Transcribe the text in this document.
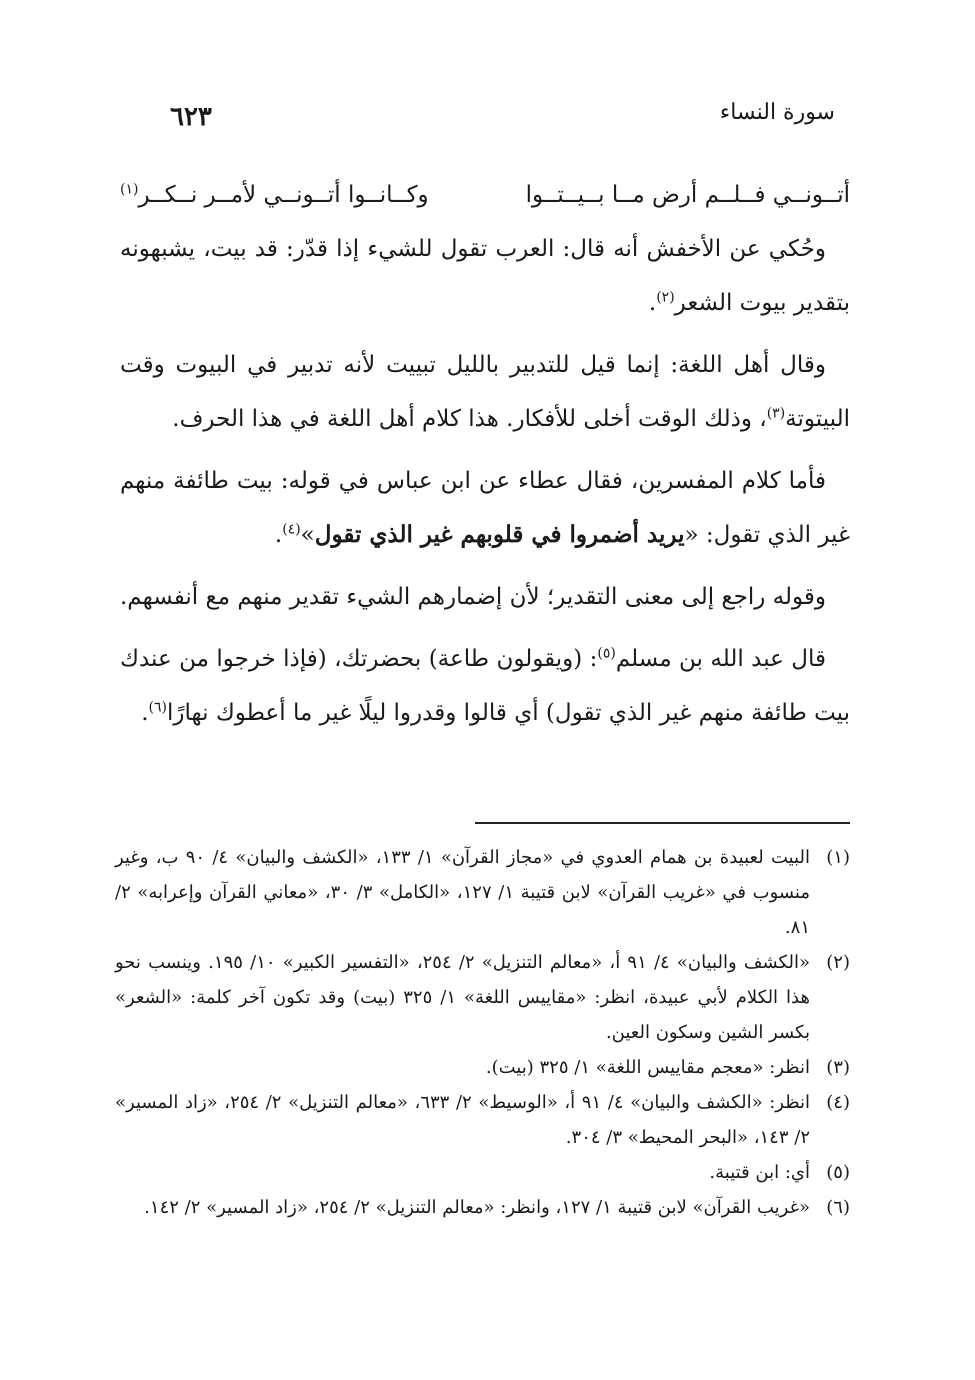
سورة النساء
٦٢٣
أتــونــي فــلــم أرض مــا بــيــتــوا
وكــانــوا أتــونــي لأمــر نــكــر$^{(١)}$

وحُكي عن الأخفش أنه قال: العرب تقول للشيء إذا قدّر: قد بيت، يشبهونه بتقدير بيوت الشعر$^{(٢)}$.

وقال أهل اللغة: إنما قيل للتدبير بالليل تبييت لأنه تدبير في البيوت وقت البيتوتة$^{(٣)}$، وذلك الوقت أخلى للأفكار. هذا كلام أهل اللغة في هذا الحرف.

فأما كلام المفسرين، فقال عطاء عن ابن عباس في قوله: بيت طائفة منهم غير الذي تقول: «يريد أضمروا في قلوبهم غير الذي تقول»$^{(٤)}$.

وقوله راجع إلى معنى التقدير؛ لأن إضمارهم الشيء تقدير منهم مع أنفسهم.

قال عبد الله بن مسلم$^{(٥)}$: (ويقولون طاعة) بحضرتك، (فإذا خرجوا من عندك بيت طائفة منهم غير الذي تقول) أي قالوا وقدروا ليلًا غير ما أعطوك نهارًا$^{(٦)}$.

(١)
البيت لعبيدة بن همام العدوي في «مجاز القرآن» ١/ ١٣٣، «الكشف والبيان» ٤/ ٩٠ ب، وغير منسوب في «غريب القرآن» لابن قتيبة ١/ ١٢٧، «الكامل» ٣/ ٣٠، «معاني القرآن وإعرابه» ٢/ ٨١.
(٢)
«الكشف والبيان» ٤/ ٩١ أ، «معالم التنزيل» ٢/ ٢٥٤، «التفسير الكبير» ١٠/ ١٩٥. وينسب نحو هذا الكلام لأبي عبيدة، انظر: «مقاييس اللغة» ١/ ٣٢٥ (بيت) وقد تكون آخر كلمة: «الشعر» بكسر الشين وسكون العين.
(٣)
انظر: «معجم مقاييس اللغة» ١/ ٣٢٥ (بيت).
(٤)
انظر: «الكشف والبيان» ٤/ ٩١ أ، «الوسيط» ٢/ ٦٣٣، «معالم التنزيل» ٢/ ٢٥٤، «زاد المسير» ٢/ ١٤٣، «البحر المحيط» ٣/ ٣٠٤.
(٥)
أي: ابن قتيبة.
(٦)
«غريب القرآن» لابن قتيبة ١/ ١٢٧، وانظر: «معالم التنزيل» ٢/ ٢٥٤، «زاد المسير» ٢/ ١٤٢.
